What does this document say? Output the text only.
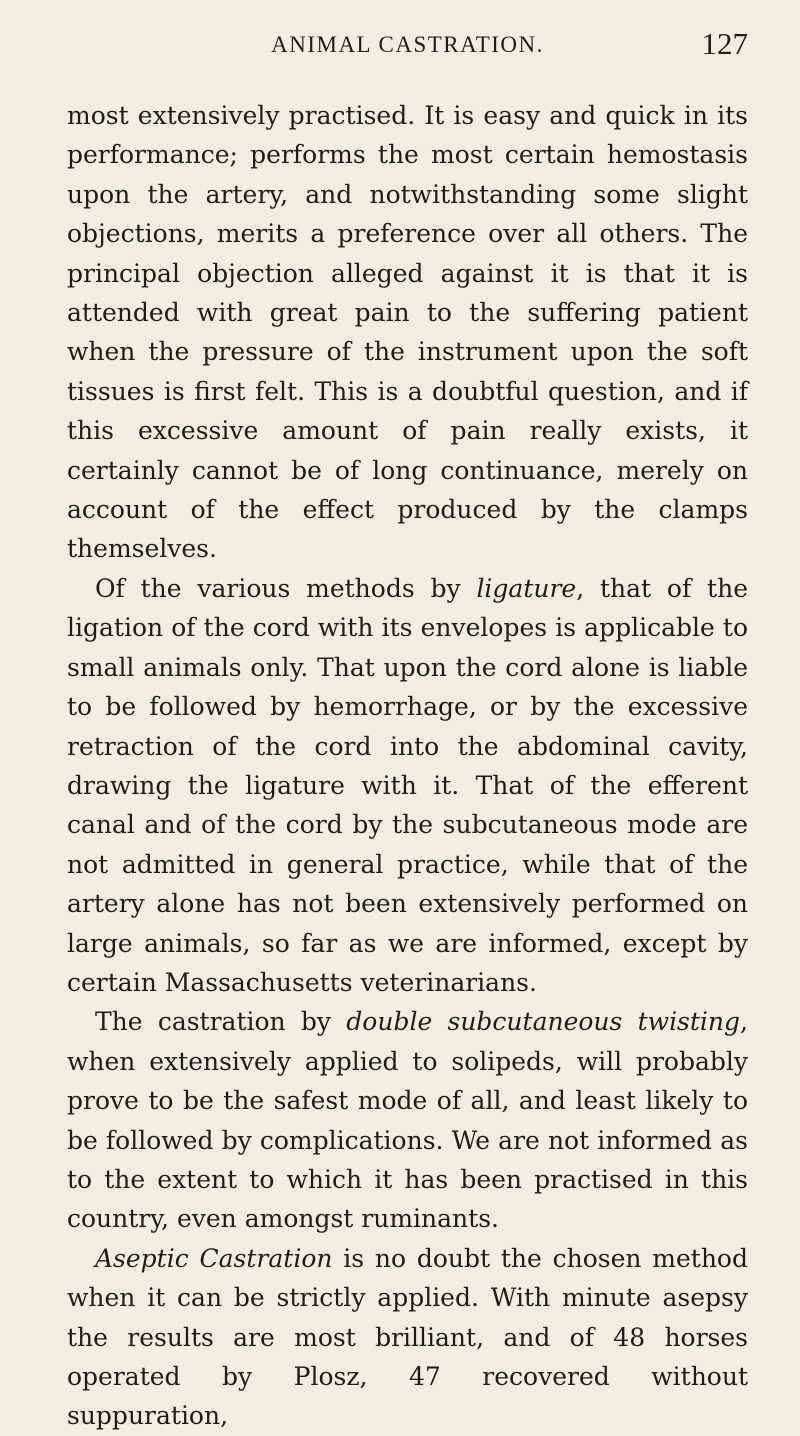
ANIMAL CASTRATION.	127

most extensively practised. It is easy and quick in its performance; performs the most certain hemostasis upon the artery, and notwithstanding some slight objections, merits a preference over all others. The principal objection alleged against it is that it is attended with great pain to the suffering patient when the pressure of the instrument upon the soft tissues is first felt. This is a doubtful question, and if this excessive amount of pain really exists, it certainly cannot be of long continuance, merely on account of the effect produced by the clamps themselves.

Of the various methods by ligature, that of the ligation of the cord with its envelopes is applicable to small animals only. That upon the cord alone is liable to be followed by hemorrhage, or by the excessive retraction of the cord into the abdominal cavity, drawing the ligature with it. That of the efferent canal and of the cord by the subcutaneous mode are not admitted in general practice, while that of the artery alone has not been extensively performed on large animals, so far as we are informed, except by certain Massachusetts veterinarians.

The castration by double subcutaneous twisting, when extensively applied to solipeds, will probably prove to be the safest mode of all, and least likely to be followed by complications. We are not informed as to the extent to which it has been practised in this country, even amongst ruminants.

Aseptic Castration is no doubt the chosen method when it can be strictly applied. With minute asepsy the results are most brilliant, and of 48 horses operated by Plosz, 47 recovered without suppuration,
